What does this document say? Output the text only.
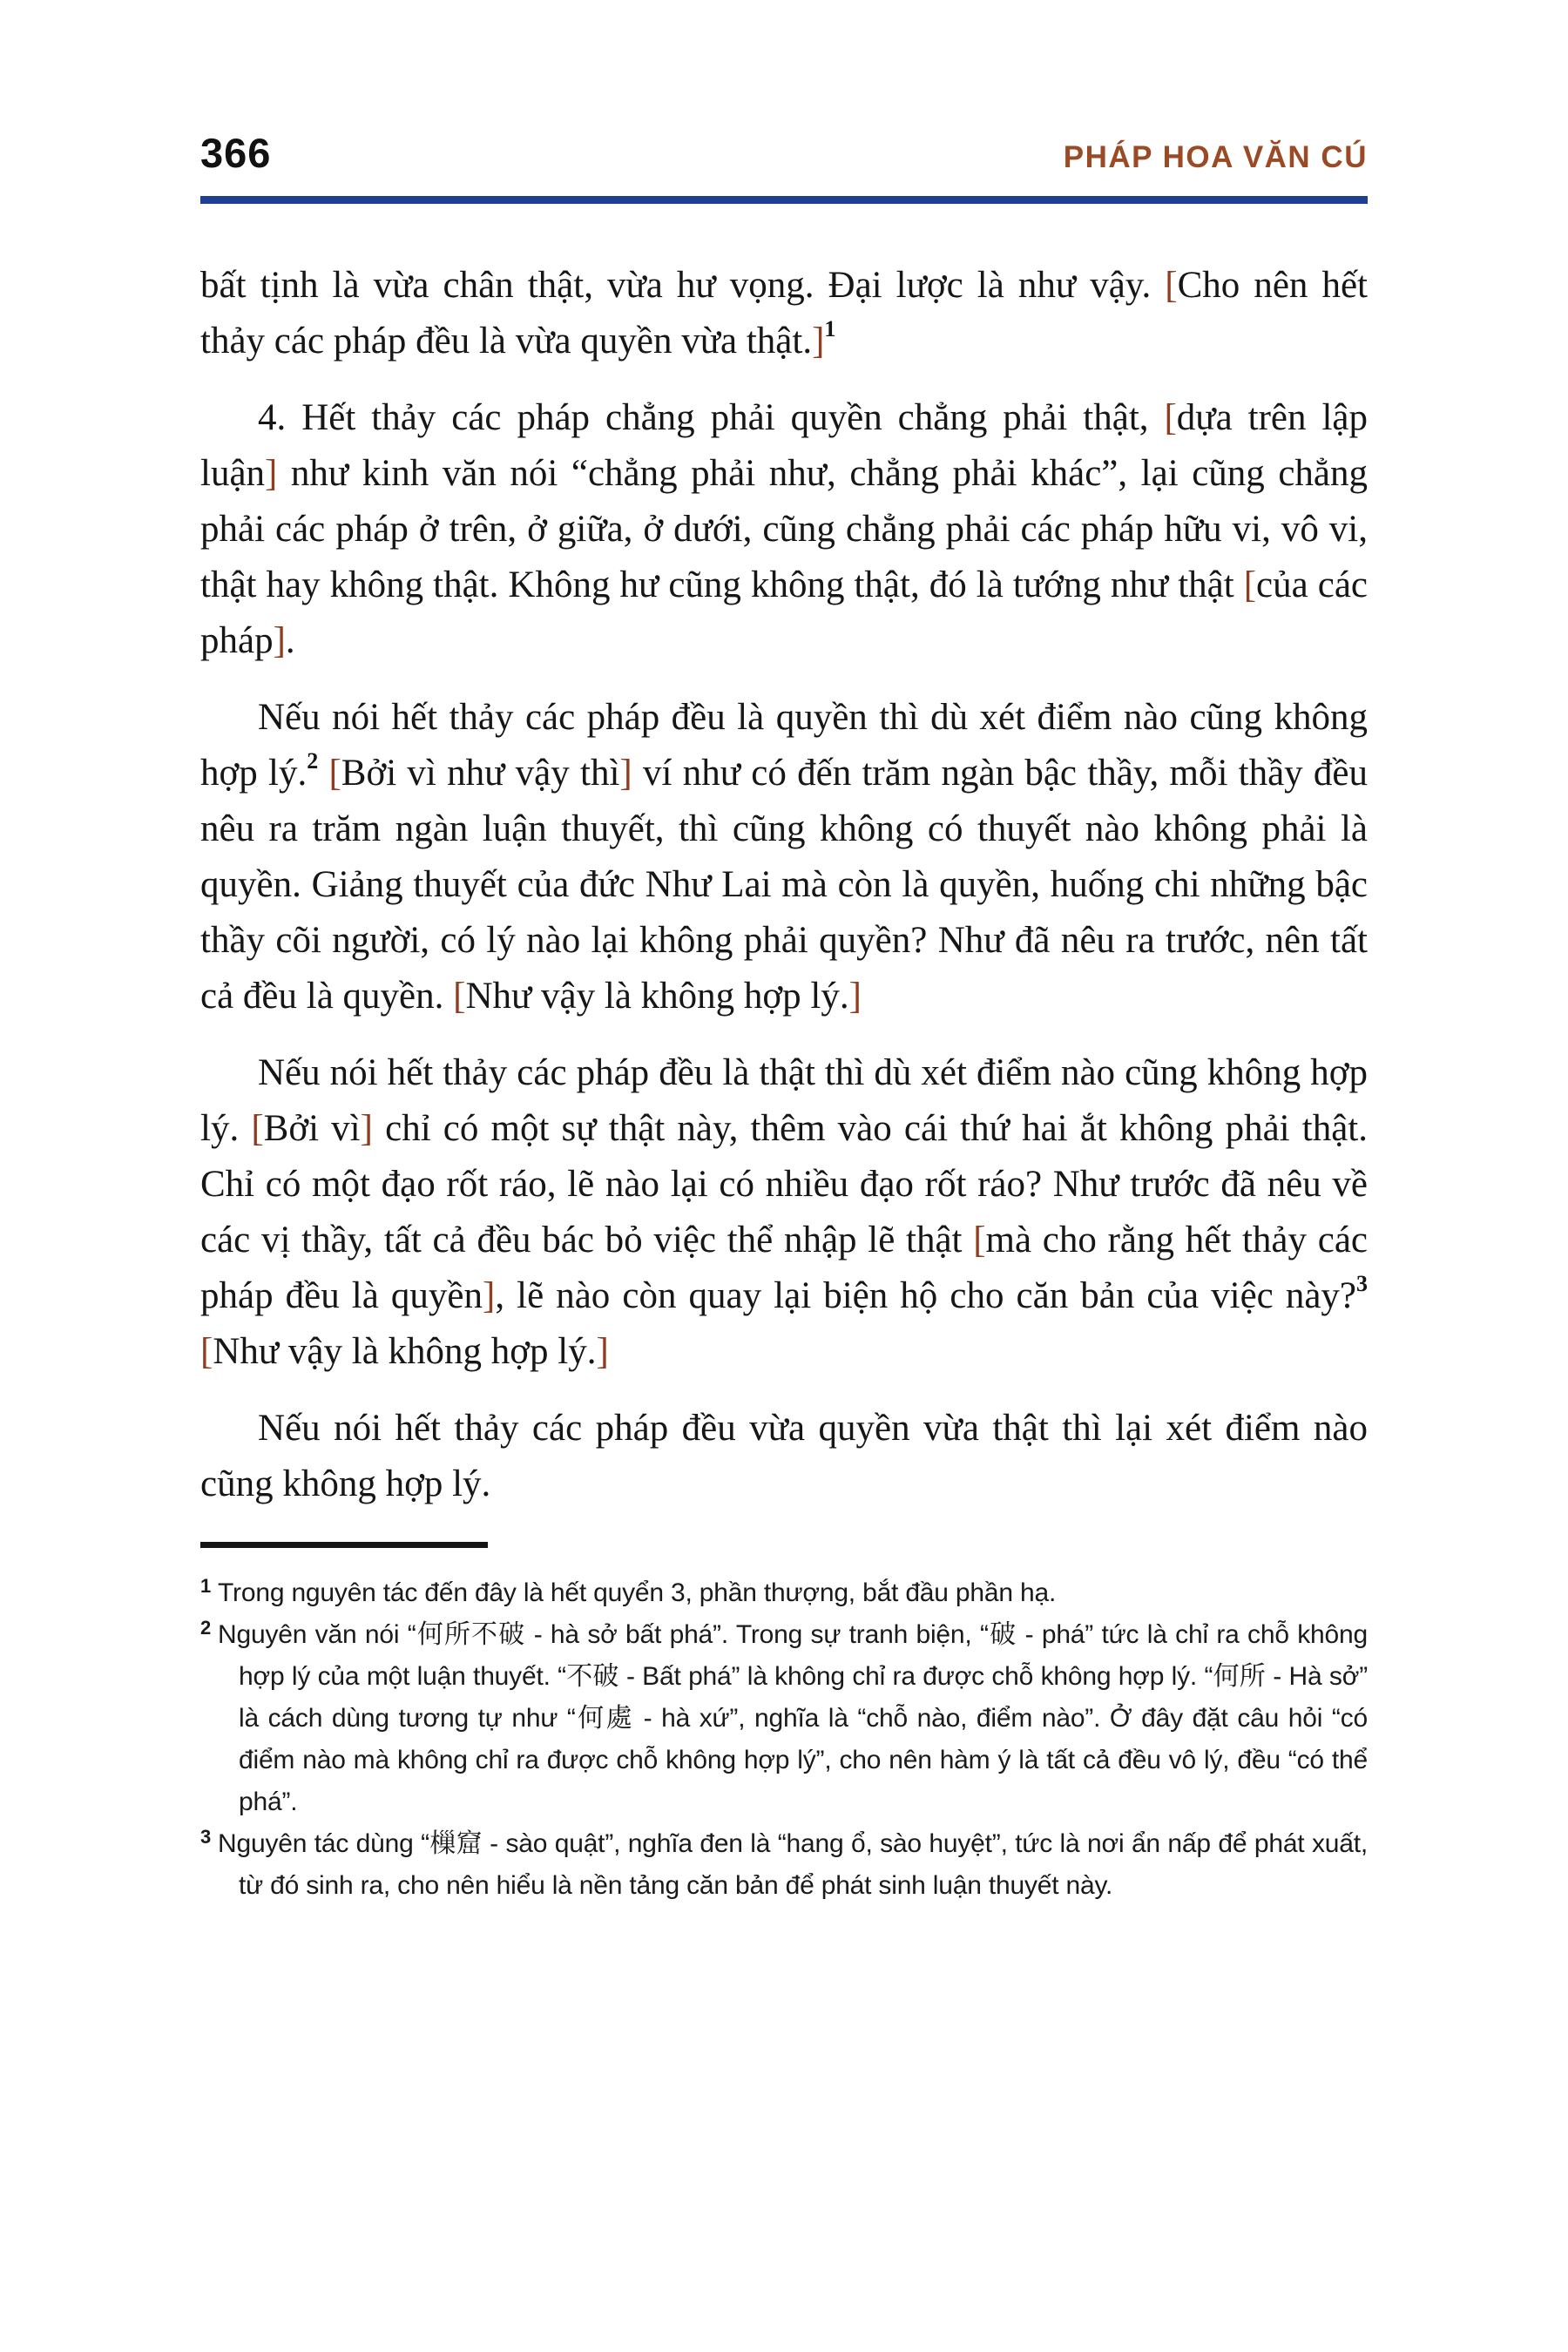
366	PHÁP HOA VĂN CÚ

bất tịnh là vừa chân thật, vừa hư vọng. Đại lược là như vậy. [Cho nên hết thảy các pháp đều là vừa quyền vừa thật.]$^1$

4. Hết thảy các pháp chẳng phải quyền chẳng phải thật, [dựa trên lập luận] như kinh văn nói “chẳng phải như, chẳng phải khác”, lại cũng chẳng phải các pháp ở trên, ở giữa, ở dưới, cũng chẳng phải các pháp hữu vi, vô vi, thật hay không thật. Không hư cũng không thật, đó là tướng như thật [của các pháp].

Nếu nói hết thảy các pháp đều là quyền thì dù xét điểm nào cũng không hợp lý.$^2$ [Bởi vì như vậy thì] ví như có đến trăm ngàn bậc thầy, mỗi thầy đều nêu ra trăm ngàn luận thuyết, thì cũng không có thuyết nào không phải là quyền. Giảng thuyết của đức Như Lai mà còn là quyền, huống chi những bậc thầy cõi người, có lý nào lại không phải quyền? Như đã nêu ra trước, nên tất cả đều là quyền. [Như vậy là không hợp lý.]

Nếu nói hết thảy các pháp đều là thật thì dù xét điểm nào cũng không hợp lý. [Bởi vì] chỉ có một sự thật này, thêm vào cái thứ hai ắt không phải thật. Chỉ có một đạo rốt ráo, lẽ nào lại có nhiều đạo rốt ráo? Như trước đã nêu về các vị thầy, tất cả đều bác bỏ việc thể nhập lẽ thật [mà cho rằng hết thảy các pháp đều là quyền], lẽ nào còn quay lại biện hộ cho căn bản của việc này?$^3$ [Như vậy là không hợp lý.]

Nếu nói hết thảy các pháp đều vừa quyền vừa thật thì lại xét điểm nào cũng không hợp lý.

$^1$ Trong nguyên tác đến đây là hết quyển 3, phần thượng, bắt đầu phần hạ.
$^2$ Nguyên văn nói “何所不破 - hà sở bất phá”. Trong sự tranh biện, “破 - phá” tức là chỉ ra chỗ không hợp lý của một luận thuyết. “不破 - Bất phá” là không chỉ ra được chỗ không hợp lý. “何所 - Hà sở” là cách dùng tương tự như “何處 - hà xứ”, nghĩa là “chỗ nào, điểm nào”. Ở đây đặt câu hỏi “có điểm nào mà không chỉ ra được chỗ không hợp lý”, cho nên hàm ý là tất cả đều vô lý, đều “có thể phá”.
$^3$ Nguyên tác dùng “樔窟 - sào quật”, nghĩa đen là “hang ổ, sào huyệt”, tức là nơi ẩn nấp để phát xuất, từ đó sinh ra, cho nên hiểu là nền tảng căn bản để phát sinh luận thuyết này.
